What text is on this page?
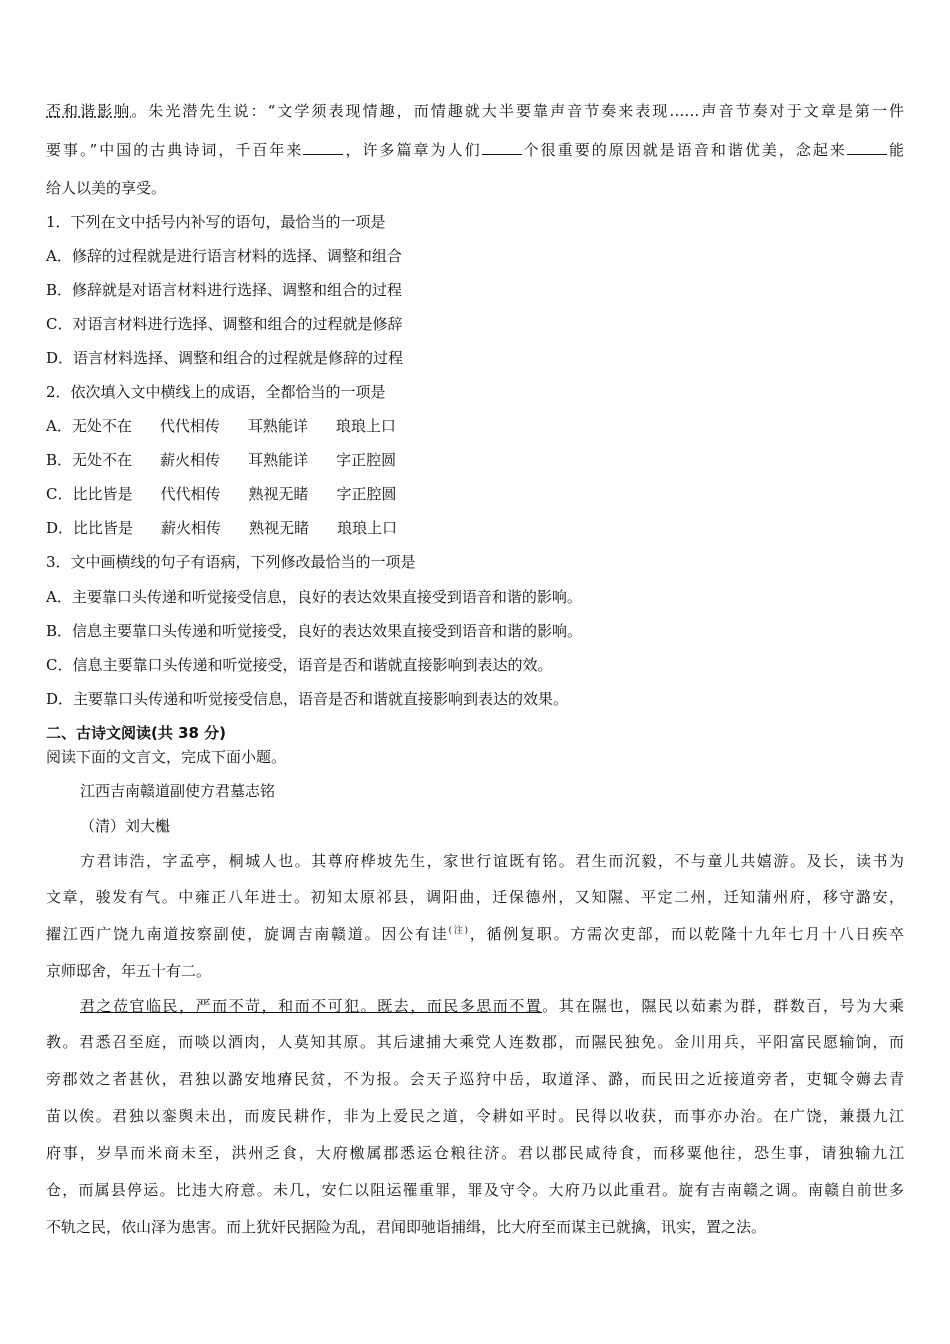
否和谐影响。朱光潜先生说：“文学须表现情趣，而情趣就大半要靠声音节奏来表现……声音节奏对于文章是第一件
要事。”中国的古典诗词，千百年来	，许多篇章为人们	个很重要的原因就是语音和谐优美，念起来	能
给人以美的享受。
1．下列在文中括号内补写的语句，最恰当的一项是
A．修辞的过程就是进行语言材料的选择、调整和组合
B．修辞就是对语言材料进行选择、调整和组合的过程
C．对语言材料进行选择、调整和组合的过程就是修辞
D．语言材料选择、调整和组合的过程就是修辞的过程
2．依次填入文中横线上的成语，全都恰当的一项是
A．无处不在 代代相传 耳熟能详 琅琅上口
B．无处不在 薪火相传 耳熟能详 字正腔圆
C．比比皆是 代代相传 熟视无睹 字正腔圆
D．比比皆是 薪火相传 熟视无睹 琅琅上口
3．文中画横线的句子有语病，下列修改最恰当的一项是
A．主要靠口头传递和听觉接受信息，良好的表达效果直接受到语音和谐的影响。
B．信息主要靠口头传递和听觉接受，良好的表达效果直接受到语音和谐的影响。
C．信息主要靠口头传递和听觉接受，语音是否和谐就直接影响到表达的效。
D．主要靠口头传递和听觉接受信息，语音是否和谐就直接影响到表达的效果。
二、古诗文阅读(共 38 分)
阅读下面的文言文，完成下面小题。
江西吉南赣道副使方君墓志铭
（清）刘大櫆
方君讳浩，字孟亭，桐城人也。其尊府桦坡先生，家世行谊既有铭。君生而沉毅，不与童儿共嬉游。及长，读书为
文章，骏发有气。中雍正八年进士。初知太原祁县，调阳曲，迁保德州，又知隰、平定二州，迁知蒲州府，移守潞安，
擢江西广饶九南道按察副使，旋调吉南赣道。因公有诖$^{(注)}$，循例复职。方需次吏部，而以乾隆十九年七月十八日疾卒
京师邸舍，年五十有二。
君之莅官临民，严而不苛，和而不可犯。既去，而民多思而不置。其在隰也，隰民以茹素为群，群数百，号为大乘
教。君悉召至庭，而啖以酒肉，人莫知其原。其后逮捕大乘党人连数郡，而隰民独免。金川用兵，平阳富民愿输饷，而
旁郡效之者甚伙，君独以潞安地瘠民贫，不为报。会天子巡狩中岳，取道泽、潞，而民田之近接道旁者，吏辄令薅去青
苗以俟。君独以銮舆未出，而废民耕作，非为上爱民之道，令耕如平时。民得以收获，而事亦办治。在广饶，兼摄九江
府事，岁旱而米商未至，洪州乏食，大府檄属郡悉运仓粮往济。君以郡民咸待食，而移粟他往，恐生事，请独输九江
仓，而属县停运。比违大府意。未几，安仁以阻运罹重罪，罪及守令。大府乃以此重君。旋有吉南赣之调。南赣自前世多
不轨之民，依山泽为患害。而上犹奸民据险为乱，君闻即驰诣捕缉，比大府至而谋主已就擒，讯实，置之法。
